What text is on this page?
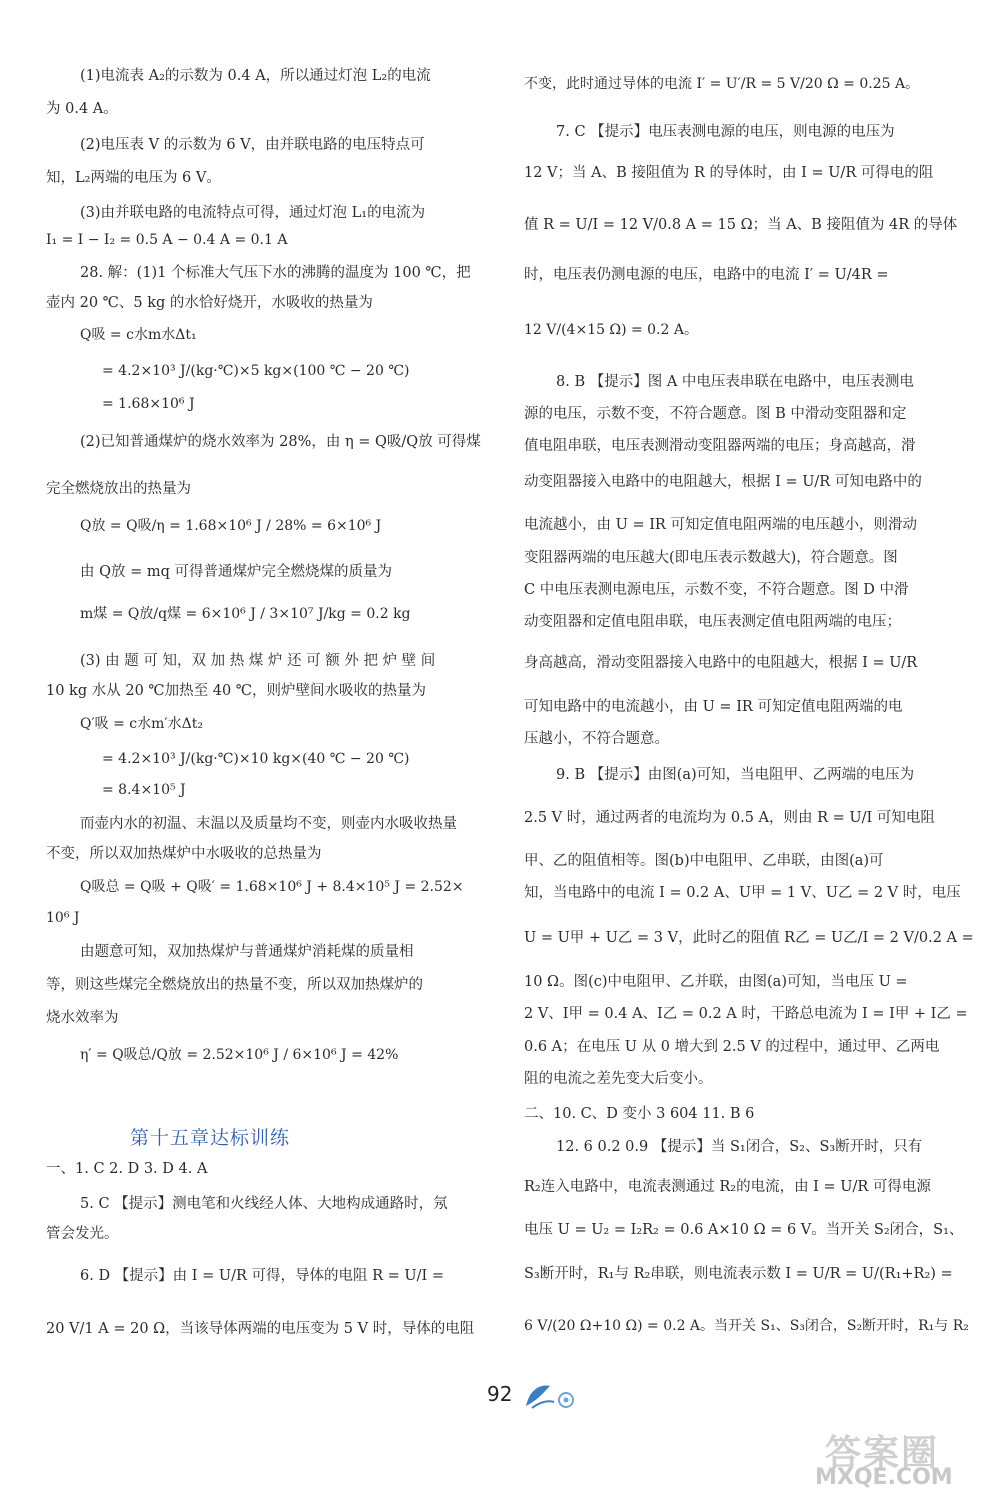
(1)电流表 A₂的示数为 0.4 A，所以通过灯泡 L₂的电流
为 0.4 A。
(2)电压表 V 的示数为 6 V，由并联电路的电压特点可
知，L₂两端的电压为 6 V。
(3)由并联电路的电流特点可得，通过灯泡 L₁的电流为
I₁ = I − I₂ = 0.5 A − 0.4 A = 0.1 A
28. 解：(1)1 个标准大气压下水的沸腾的温度为 100 ℃，把
壶内 20 ℃、5 kg 的水恰好烧开，水吸收的热量为
Q吸 = c水m水Δt₁
= 4.2×10³ J/(kg·℃)×5 kg×(100 ℃ − 20 ℃)
= 1.68×10⁶ J
(2)已知普通煤炉的烧水效率为 28%，由 η = Q吸/Q放 可得煤
完全燃烧放出的热量为
Q放 = Q吸/η = 1.68×10⁶ J / 28% = 6×10⁶ J
由 Q放 = mq 可得普通煤炉完全燃烧煤的质量为
m煤 = Q放/q煤 = 6×10⁶ J / 3×10⁷ J/kg = 0.2 kg
(3) 由 题 可 知，双 加 热 煤 炉 还 可 额 外 把 炉 壁 间
10 kg 水从 20 ℃加热至 40 ℃，则炉壁间水吸收的热量为
Q′吸 = c水m′水Δt₂
= 4.2×10³ J/(kg·℃)×10 kg×(40 ℃ − 20 ℃)
= 8.4×10⁵ J
而壶内水的初温、末温以及质量均不变，则壶内水吸收热量
不变，所以双加热煤炉中水吸收的总热量为
Q吸总 = Q吸 + Q吸′ = 1.68×10⁶ J + 8.4×10⁵ J = 2.52×
10⁶ J
由题意可知，双加热煤炉与普通煤炉消耗煤的质量相
等，则这些煤完全燃烧放出的热量不变，所以双加热煤炉的
烧水效率为
η′ = Q吸总/Q放 = 2.52×10⁶ J / 6×10⁶ J = 42%
一、1. C 2. D 3. D 4. A
5. C 【提示】测电笔和火线经人体、大地构成通路时，氖
管会发光。
6. D 【提示】由 I = U/R 可得，导体的电阻 R = U/I =
20 V/1 A = 20 Ω，当该导体两端的电压变为 5 V 时，导体的电阻
第十五章达标训练
不变，此时通过导体的电流 I′ = U′/R = 5 V/20 Ω = 0.25 A。
7. C 【提示】电压表测电源的电压，则电源的电压为
12 V；当 A、B 接阻值为 R 的导体时，由 I = U/R 可得电的阻
值 R = U/I = 12 V/0.8 A = 15 Ω；当 A、B 接阻值为 4R 的导体
时，电压表仍测电源的电压，电路中的电流 I′ = U/4R =
12 V/(4×15 Ω) = 0.2 A。
8. B 【提示】图 A 中电压表串联在电路中，电压表测电
源的电压，示数不变，不符合题意。图 B 中滑动变阻器和定
值电阻串联，电压表测滑动变阻器两端的电压；身高越高，滑
动变阻器接入电路中的电阻越大，根据 I = U/R 可知电路中的
电流越小，由 U = IR 可知定值电阻两端的电压越小，则滑动
变阻器两端的电压越大(即电压表示数越大)，符合题意。图
C 中电压表测电源电压，示数不变，不符合题意。图 D 中滑
动变阻器和定值电阻串联，电压表测定值电阻两端的电压；
身高越高，滑动变阻器接入电路中的电阻越大，根据 I = U/R
可知电路中的电流越小，由 U = IR 可知定值电阻两端的电
压越小，不符合题意。
9. B 【提示】由图(a)可知，当电阻甲、乙两端的电压为
2.5 V 时，通过两者的电流均为 0.5 A，则由 R = U/I 可知电阻
甲、乙的阻值相等。图(b)中电阻甲、乙串联，由图(a)可
知，当电路中的电流 I = 0.2 A、U甲 = 1 V、U乙 = 2 V 时，电压
U = U甲 + U乙 = 3 V，此时乙的阻值 R乙 = U乙/I = 2 V/0.2 A =
10 Ω。图(c)中电阻甲、乙并联，由图(a)可知，当电压 U =
2 V、I甲 = 0.4 A、I乙 = 0.2 A 时，干路总电流为 I = I甲 + I乙 =
0.6 A；在电压 U 从 0 增大到 2.5 V 的过程中，通过甲、乙两电
阻的电流之差先变大后变小。
二、10. C、D 变小 3 604 11. B 6
12. 6 0.2 0.9 【提示】当 S₁闭合，S₂、S₃断开时，只有
R₂连入电路中，电流表测通过 R₂的电流，由 I = U/R 可得电源
电压 U = U₂ = I₂R₂ = 0.6 A×10 Ω = 6 V。当开关 S₂闭合，S₁、
S₃断开时，R₁与 R₂串联，则电流表示数 I = U/R = U/(R₁+R₂) =
6 V/(20 Ω+10 Ω) = 0.2 A。当开关 S₁、S₃闭合，S₂断开时，R₁与 R₂
92
答案圈
MXQE.COM
